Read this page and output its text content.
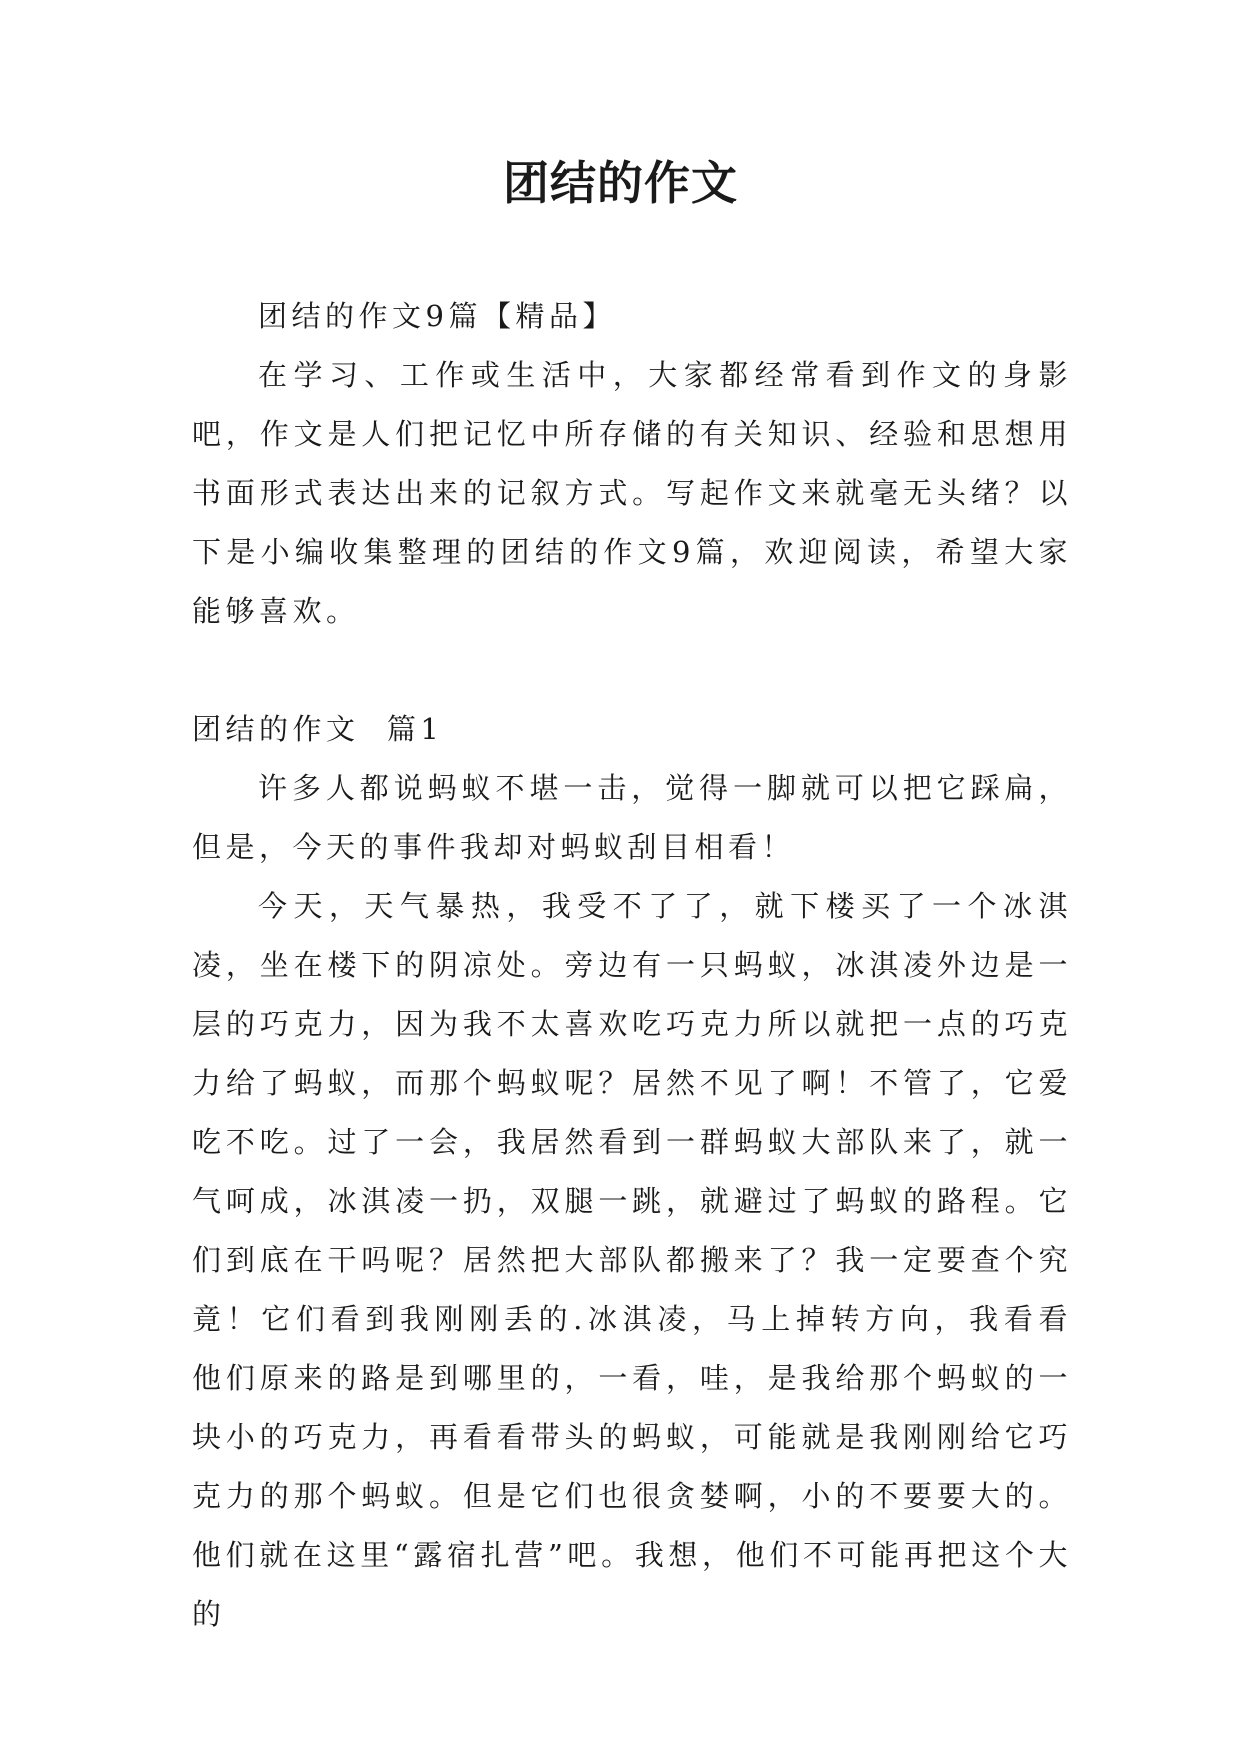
团结的作文

团结的作文9篇【精品】

在学习、工作或生活中，大家都经常看到作文的身影吧，作文是人们把记忆中所存储的有关知识、经验和思想用书面形式表达出来的记叙方式。写起作文来就毫无头绪？以下是小编收集整理的团结的作文9篇，欢迎阅读，希望大家能够喜欢。

团结的作文  篇1

许多人都说蚂蚁不堪一击，觉得一脚就可以把它踩扁，但是，今天的事件我却对蚂蚁刮目相看！

今天，天气暴热，我受不了了，就下楼买了一个冰淇凌，坐在楼下的阴凉处。旁边有一只蚂蚁，冰淇凌外边是一层的巧克力，因为我不太喜欢吃巧克力所以就把一点的巧克力给了蚂蚁，而那个蚂蚁呢？居然不见了啊！不管了，它爱吃不吃。过了一会，我居然看到一群蚂蚁大部队来了，就一气呵成，冰淇凌一扔，双腿一跳，就避过了蚂蚁的路程。它们到底在干吗呢？居然把大部队都搬来了？我一定要查个究竟！它们看到我刚刚丢的.冰淇凌，马上掉转方向，我看看他们原来的路是到哪里的，一看，哇，是我给那个蚂蚁的一块小的巧克力，再看看带头的蚂蚁，可能就是我刚刚给它巧克力的那个蚂蚁。但是它们也很贪婪啊，小的不要要大的。他们就在这里“露宿扎营”吧。我想，他们不可能再把这个大的
